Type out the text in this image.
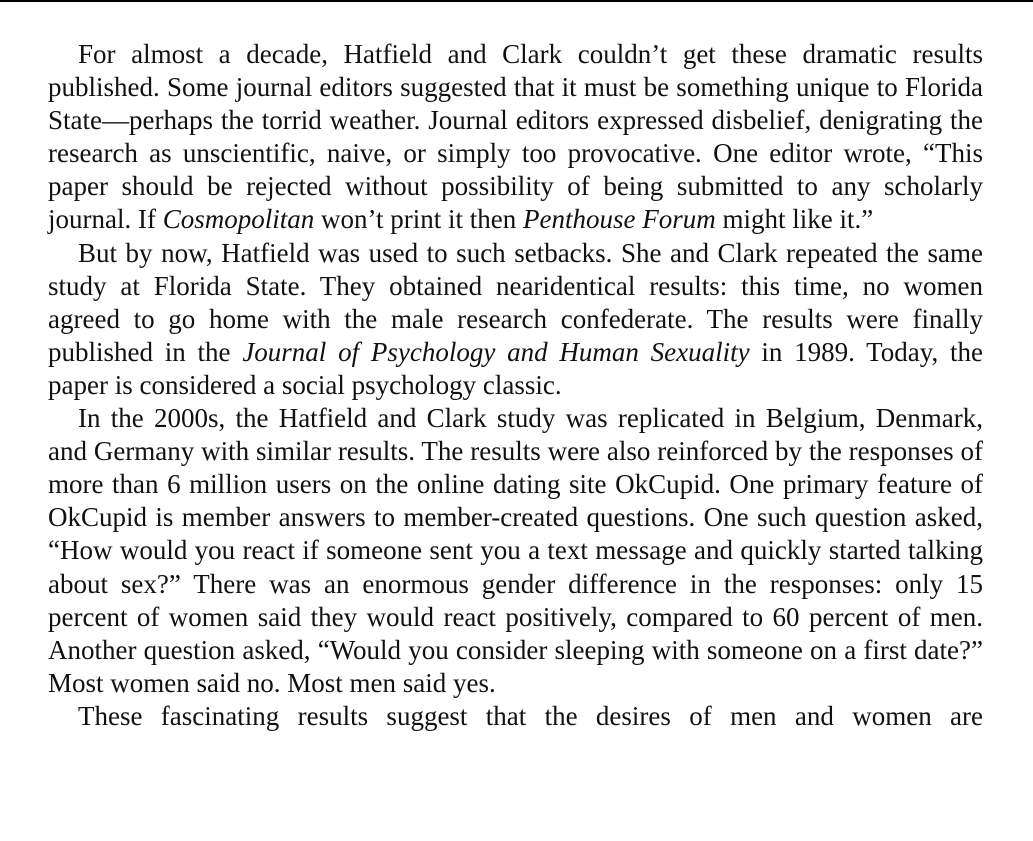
For almost a decade, Hatfield and Clark couldn’t get these dramatic results published. Some journal editors suggested that it must be something unique to Florida State—perhaps the torrid weather. Journal editors expressed disbelief, denigrating the research as unscientific, naive, or simply too provocative. One editor wrote, “This paper should be rejected without possibility of being submitted to any scholarly journal. If Cosmopolitan won’t print it then Penthouse Forum might like it.”

But by now, Hatfield was used to such setbacks. She and Clark repeated the same study at Florida State. They obtained nearidentical results: this time, no women agreed to go home with the male research confederate. The results were finally published in the Journal of Psychology and Human Sexuality in 1989. Today, the paper is considered a social psychology classic.

In the 2000s, the Hatfield and Clark study was replicated in Belgium, Denmark, and Germany with similar results. The results were also reinforced by the responses of more than 6 million users on the online dating site OkCupid. One primary feature of OkCupid is member answers to member-created questions. One such question asked, “How would you react if someone sent you a text message and quickly started talking about sex?” There was an enormous gender difference in the responses: only 15 percent of women said they would react positively, compared to 60 percent of men. Another question asked, “Would you consider sleeping with someone on a first date?” Most women said no. Most men said yes.

These fascinating results suggest that the desires of men and women are
